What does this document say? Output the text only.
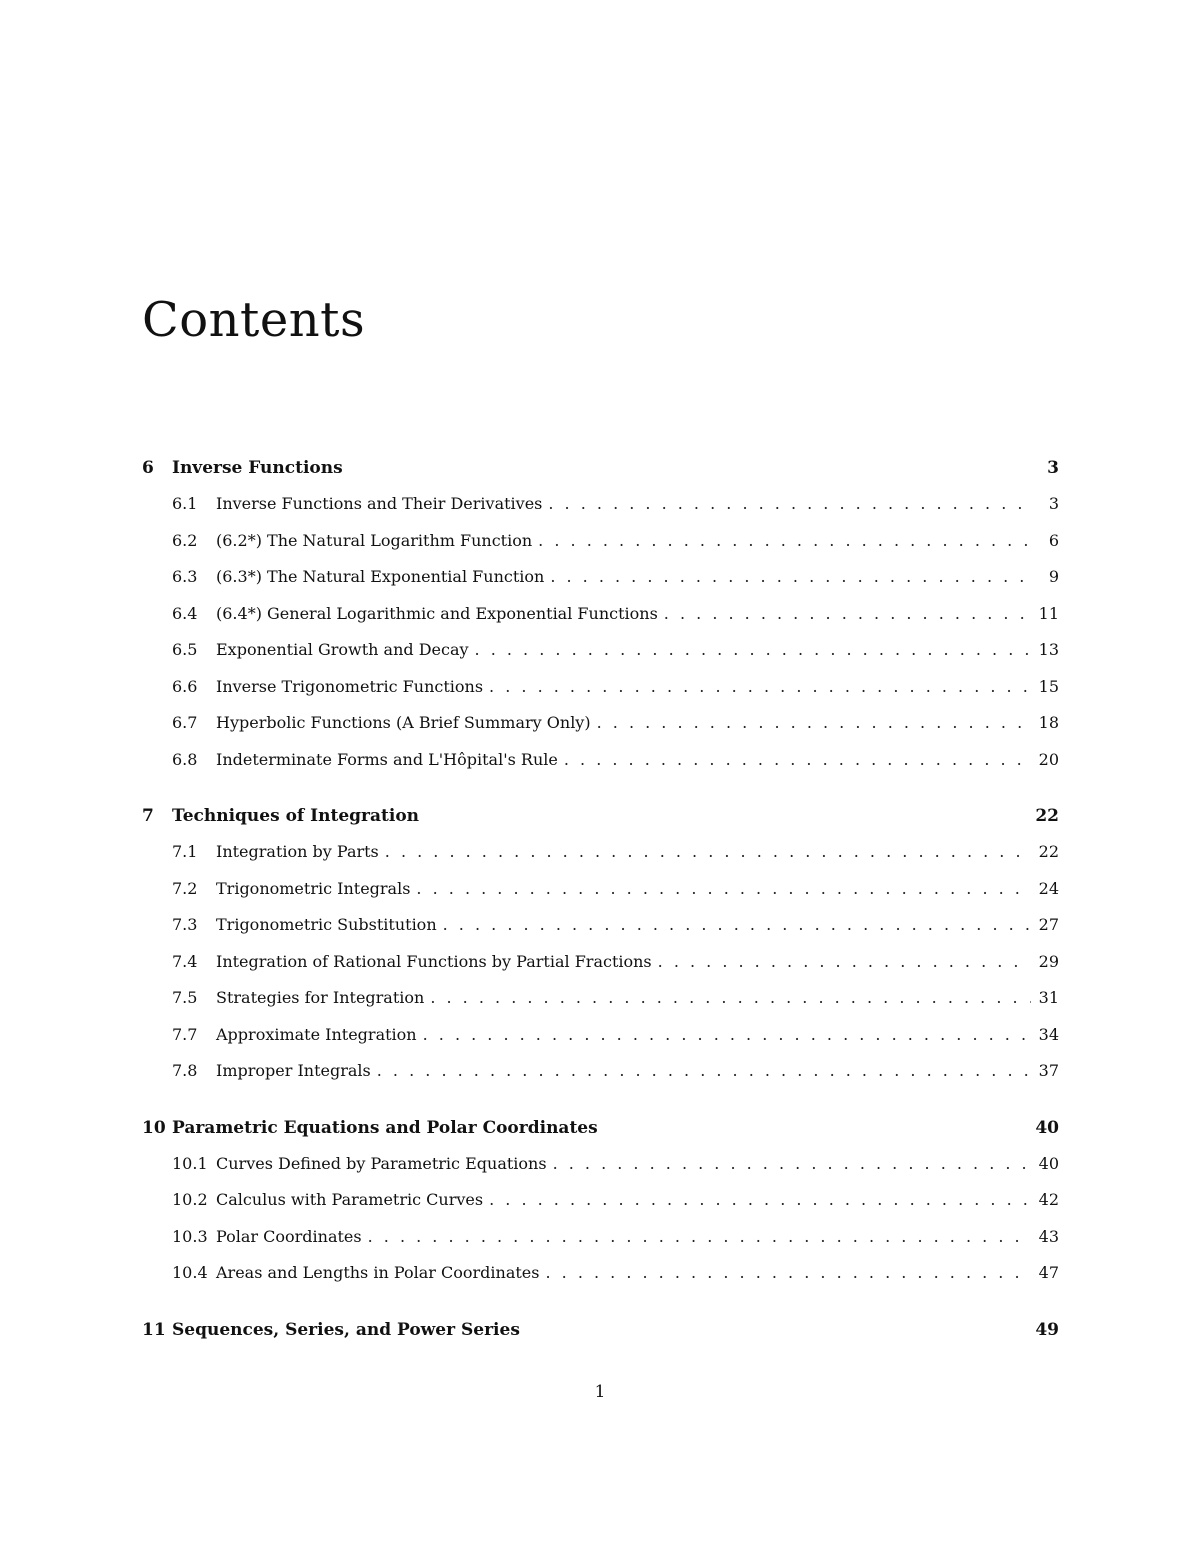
Contents
6	Inverse Functions	3
6.1	Inverse Functions and Their Derivatives . . .	3
6.2	(6.2*) The Natural Logarithm Function . . .	6
6.3	(6.3*) The Natural Exponential Function . . .	9
6.4	(6.4*) General Logarithmic and Exponential Functions . . .	11
6.5	Exponential Growth and Decay . . .	13
6.6	Inverse Trigonometric Functions . . .	15
6.7	Hyperbolic Functions (A Brief Summary Only) . . .	18
6.8	Indeterminate Forms and L'Hôpital's Rule . . .	20
7	Techniques of Integration	22
7.1	Integration by Parts . . .	22
7.2	Trigonometric Integrals . . .	24
7.3	Trigonometric Substitution . . .	27
7.4	Integration of Rational Functions by Partial Fractions . . .	29
7.5	Strategies for Integration . . .	31
7.7	Approximate Integration . . .	34
7.8	Improper Integrals . . .	37
10 Parametric Equations and Polar Coordinates	40
10.1 Curves Defined by Parametric Equations . . .	40
10.2 Calculus with Parametric Curves . . .	42
10.3 Polar Coordinates . . .	43
10.4 Areas and Lengths in Polar Coordinates . . .	47
11 Sequences, Series, and Power Series	49
1
